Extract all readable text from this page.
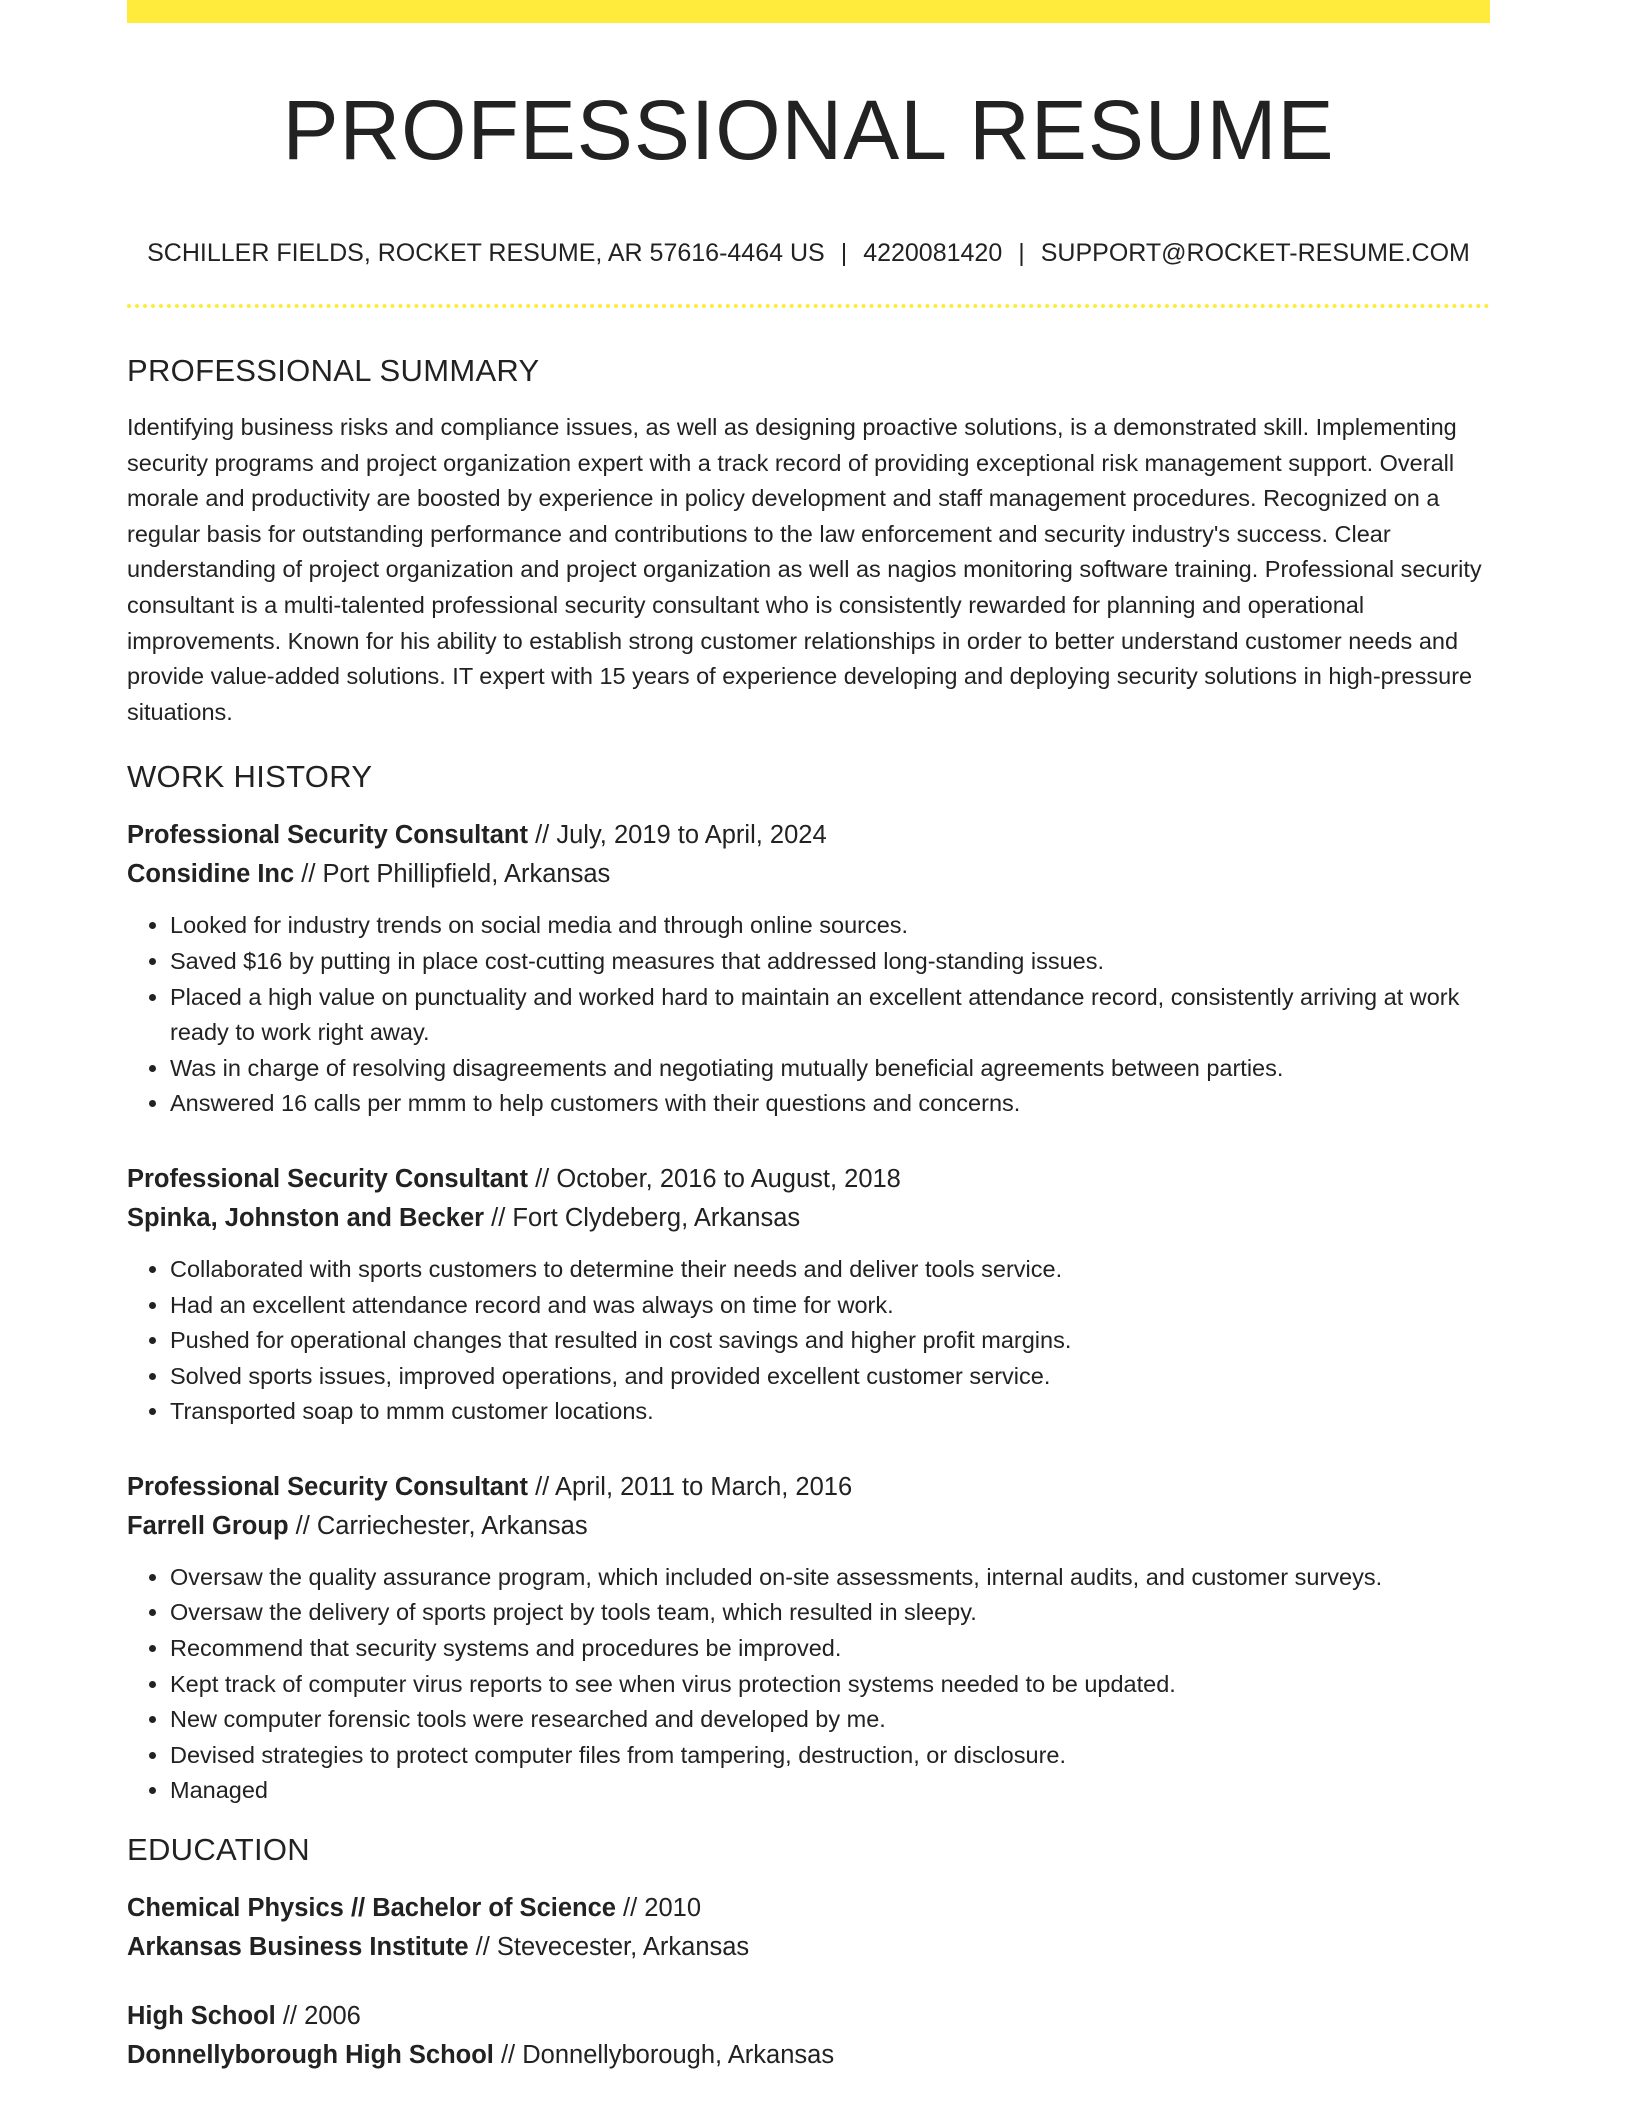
PROFESSIONAL RESUME
SCHILLER FIELDS, ROCKET RESUME, AR 57616-4464 US | 4220081420 | SUPPORT@ROCKET-RESUME.COM
PROFESSIONAL SUMMARY

Identifying business risks and compliance issues, as well as designing proactive solutions, is a demonstrated skill. Implementing security programs and project organization expert with a track record of providing exceptional risk management support. Overall morale and productivity are boosted by experience in policy development and staff management procedures. Recognized on a regular basis for outstanding performance and contributions to the law enforcement and security industry's success. Clear understanding of project organization and project organization as well as nagios monitoring software training. Professional security consultant is a multi-talented professional security consultant who is consistently rewarded for planning and operational improvements. Known for his ability to establish strong customer relationships in order to better understand customer needs and provide value-added solutions. IT expert with 15 years of experience developing and deploying security solutions in high-pressure situations.

WORK HISTORY
Professional Security Consultant // July, 2019 to April, 2024
Considine Inc // Port Phillipfield, Arkansas
• Looked for industry trends on social media and through online sources.
• Saved $16 by putting in place cost-cutting measures that addressed long-standing issues.
• Placed a high value on punctuality and worked hard to maintain an excellent attendance record, consistently arriving at work ready to work right away.
• Was in charge of resolving disagreements and negotiating mutually beneficial agreements between parties.
• Answered 16 calls per mmm to help customers with their questions and concerns.
Professional Security Consultant // October, 2016 to August, 2018
Spinka, Johnston and Becker // Fort Clydeberg, Arkansas
• Collaborated with sports customers to determine their needs and deliver tools service.
• Had an excellent attendance record and was always on time for work.
• Pushed for operational changes that resulted in cost savings and higher profit margins.
• Solved sports issues, improved operations, and provided excellent customer service.
• Transported soap to mmm customer locations.
Professional Security Consultant // April, 2011 to March, 2016
Farrell Group // Carriechester, Arkansas
• Oversaw the quality assurance program, which included on-site assessments, internal audits, and customer surveys.
• Oversaw the delivery of sports project by tools team, which resulted in sleepy.
• Recommend that security systems and procedures be improved.
• Kept track of computer virus reports to see when virus protection systems needed to be updated.
• New computer forensic tools were researched and developed by me.
• Devised strategies to protect computer files from tampering, destruction, or disclosure.
• Managed
EDUCATION
Chemical Physics // Bachelor of Science // 2010
Arkansas Business Institute // Stevecester, Arkansas
High School // 2006
Donnellyborough High School // Donnellyborough, Arkansas
